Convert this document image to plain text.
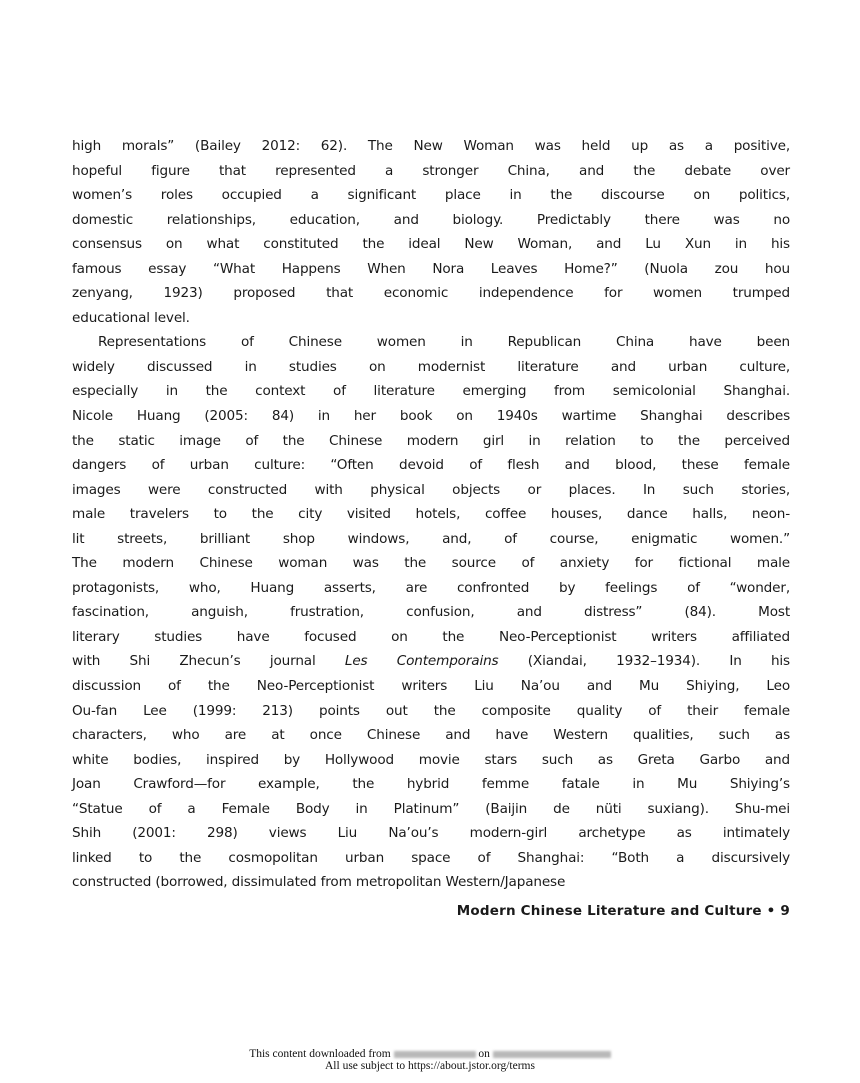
high morals” (Bailey 2012: 62). The New Woman was held up as a positive,
hopeful figure that represented a stronger China, and the debate over
women’s roles occupied a significant place in the discourse on politics,
domestic relationships, education, and biology. Predictably there was no
consensus on what constituted the ideal New Woman, and Lu Xun in his
famous essay “What Happens When Nora Leaves Home?” (Nuola zou hou
zenyang, 1923) proposed that economic independence for women trumped
educational level.
Representations of Chinese women in Republican China have been
widely discussed in studies on modernist literature and urban culture,
especially in the context of literature emerging from semicolonial Shanghai.
Nicole Huang (2005: 84) in her book on 1940s wartime Shanghai describes
the static image of the Chinese modern girl in relation to the perceived
dangers of urban culture: “Often devoid of flesh and blood, these female
images were constructed with physical objects or places. In such stories,
male travelers to the city visited hotels, coffee houses, dance halls, neon-
lit streets, brilliant shop windows, and, of course, enigmatic women.”
The modern Chinese woman was the source of anxiety for fictional male
protagonists, who, Huang asserts, are confronted by feelings of “wonder,
fascination, anguish, frustration, confusion, and distress” (84). Most
literary studies have focused on the Neo-Perceptionist writers affiliated
with Shi Zhecun’s journal Les Contemporains (Xiandai, 1932–1934). In his
discussion of the Neo-Perceptionist writers Liu Na’ou and Mu Shiying, Leo
Ou-fan Lee (1999: 213) points out the composite quality of their female
characters, who are at once Chinese and have Western qualities, such as
white bodies, inspired by Hollywood movie stars such as Greta Garbo and
Joan Crawford—for example, the hybrid femme fatale in Mu Shiying’s
“Statue of a Female Body in Platinum” (Baijin de nüti suxiang). Shu-mei
Shih (2001: 298) views Liu Na’ou’s modern-girl archetype as intimately
linked to the cosmopolitan urban space of Shanghai: “Both a discursively
constructed (borrowed, dissimulated from metropolitan Western/Japanese
Modern Chinese Literature and Culture • 9
This content downloaded from	on
All use subject to https://about.jstor.org/terms
